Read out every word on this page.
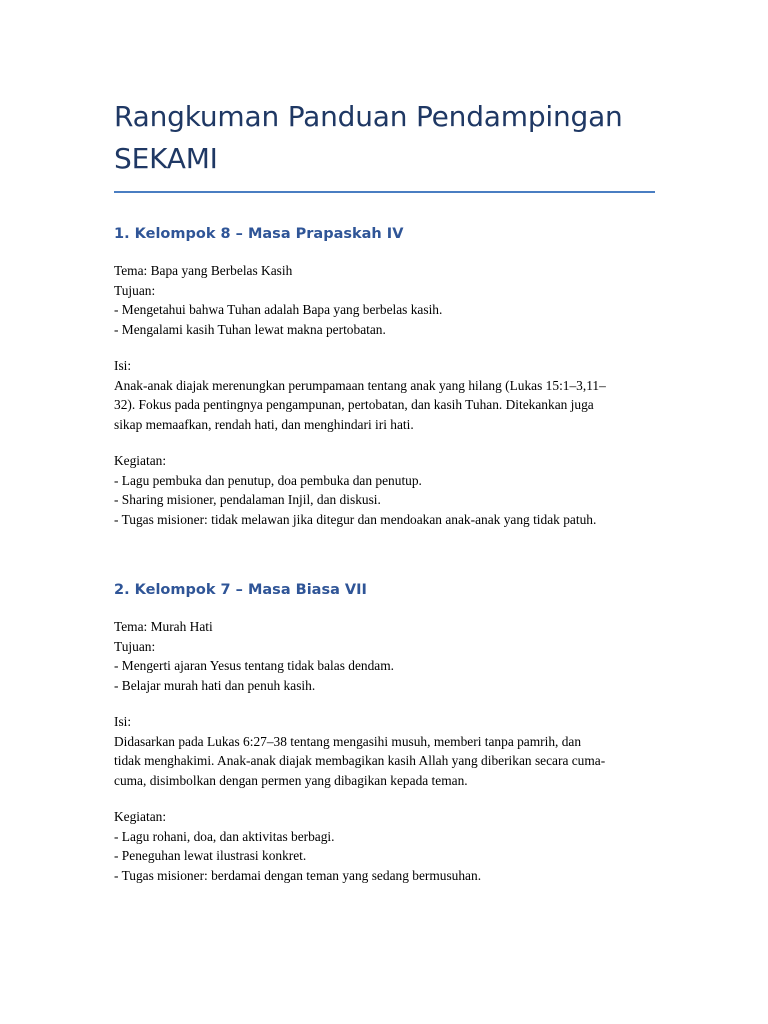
Rangkuman Panduan Pendampingan
SEKAMI
1. Kelompok 8 – Masa Prapaskah IV
Tema: Bapa yang Berbelas Kasih
Tujuan:
- Mengetahui bahwa Tuhan adalah Bapa yang berbelas kasih.
- Mengalami kasih Tuhan lewat makna pertobatan.
Isi:
Anak-anak diajak merenungkan perumpamaan tentang anak yang hilang (Lukas 15:1–3,11–
32). Fokus pada pentingnya pengampunan, pertobatan, dan kasih Tuhan. Ditekankan juga
sikap memaafkan, rendah hati, dan menghindari iri hati.
Kegiatan:
- Lagu pembuka dan penutup, doa pembuka dan penutup.
- Sharing misioner, pendalaman Injil, dan diskusi.
- Tugas misioner: tidak melawan jika ditegur dan mendoakan anak-anak yang tidak patuh.
2. Kelompok 7 – Masa Biasa VII
Tema: Murah Hati
Tujuan:
- Mengerti ajaran Yesus tentang tidak balas dendam.
- Belajar murah hati dan penuh kasih.
Isi:
Didasarkan pada Lukas 6:27–38 tentang mengasihi musuh, memberi tanpa pamrih, dan
tidak menghakimi. Anak-anak diajak membagikan kasih Allah yang diberikan secara cuma-
cuma, disimbolkan dengan permen yang dibagikan kepada teman.
Kegiatan:
- Lagu rohani, doa, dan aktivitas berbagi.
- Peneguhan lewat ilustrasi konkret.
- Tugas misioner: berdamai dengan teman yang sedang bermusuhan.
